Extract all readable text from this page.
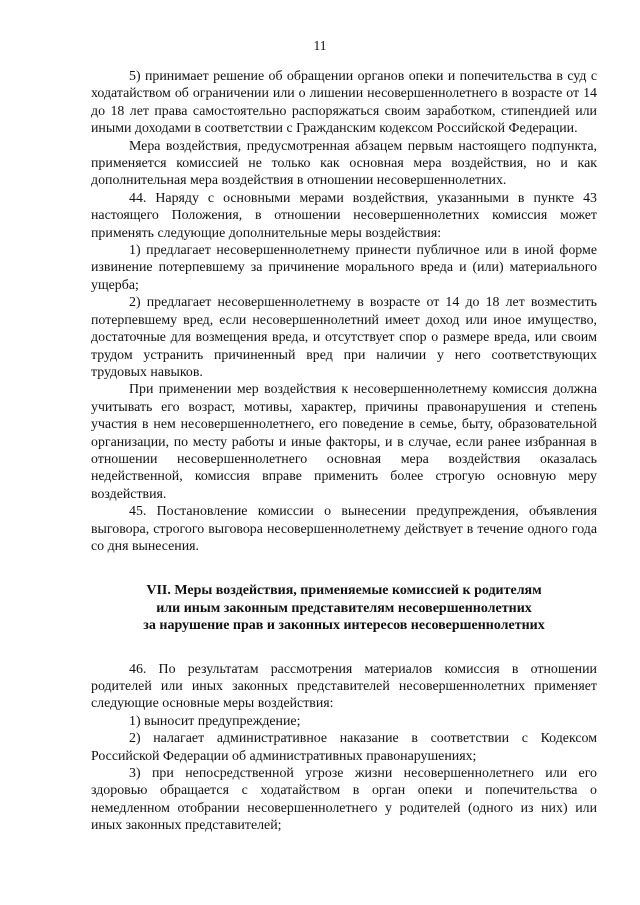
11

5) принимает решение об обращении органов опеки и попечительства в суд с ходатайством об ограничении или о лишении несовершеннолетнего в возрасте от 14 до 18 лет права самостоятельно распоряжаться своим заработком, стипендией или иными доходами в соответствии с Гражданским кодексом Российской Федерации.

Мера воздействия, предусмотренная абзацем первым настоящего подпункта, применяется комиссией не только как основная мера воздействия, но и как дополнительная мера воздействия в отношении несовершеннолетних.

44. Наряду с основными мерами воздействия, указанными в пункте 43 настоящего Положения, в отношении несовершеннолетних комиссия может применять следующие дополнительные меры воздействия:

1) предлагает несовершеннолетнему принести публичное или в иной форме извинение потерпевшему за причинение морального вреда и (или) материального ущерба;

2) предлагает несовершеннолетнему в возрасте от 14 до 18 лет возместить потерпевшему вред, если несовершеннолетний имеет доход или иное имущество, достаточные для возмещения вреда, и отсутствует спор о размере вреда, или своим трудом устранить причиненный вред при наличии у него соответствующих трудовых навыков.

При применении мер воздействия к несовершеннолетнему комиссия должна учитывать его возраст, мотивы, характер, причины правонарушения и степень участия в нем несовершеннолетнего, его поведение в семье, быту, образовательной организации, по месту работы и иные факторы, и в случае, если ранее избранная в отношении несовершеннолетнего основная мера воздействия оказалась недейственной, комиссия вправе применить более строгую основную меру воздействия.

45. Постановление комиссии о вынесении предупреждения, объявления выговора, строгого выговора несовершеннолетнему действует в течение одного года со дня вынесения.

VII. Меры воздействия, применяемые комиссией к родителям
или иным законным представителям несовершеннолетних
за нарушение прав и законных интересов несовершеннолетних

46. По результатам рассмотрения материалов комиссия в отношении родителей или иных законных представителей несовершеннолетних применяет следующие основные меры воздействия:

1) выносит предупреждение;

2) налагает административное наказание в соответствии с Кодексом Российской Федерации об административных правонарушениях;

3) при непосредственной угрозе жизни несовершеннолетнего или его здоровью обращается с ходатайством в орган опеки и попечительства о немедленном отобрании несовершеннолетнего у родителей (одного из них) или иных законных представителей;
